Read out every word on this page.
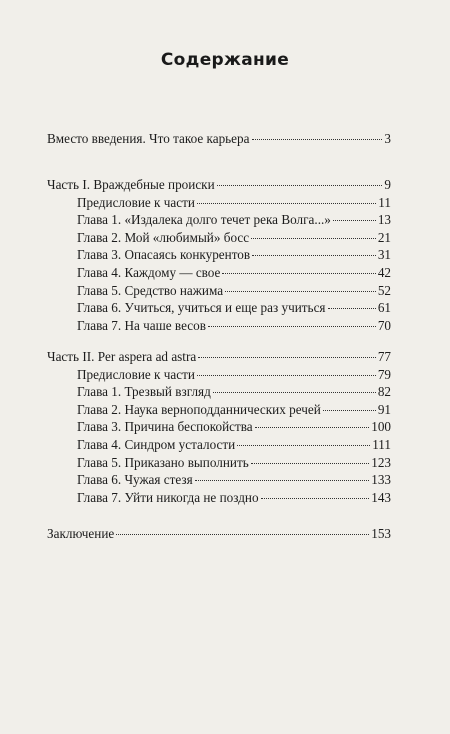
Содержание
Вместо введения. Что такое карьера	3
Часть I. Враждебные происки	9
Предисловие к части	11
Глава 1. «Издалека долго течет река Волга...»	13
Глава 2. Мой «любимый» босс	21
Глава 3. Опасаясь конкурентов	31
Глава 4. Каждому — свое	42
Глава 5. Средство нажима	52
Глава 6. Учиться, учиться и еще раз учиться	61
Глава 7. На чаше весов	70
Часть II. Per aspera ad astra	77
Предисловие к части	79
Глава 1. Трезвый взгляд	82
Глава 2. Наука верноподданнических речей	91
Глава 3. Причина беспокойства	100
Глава 4. Синдром усталости	111
Глава 5. Приказано выполнить	123
Глава 6. Чужая стезя	133
Глава 7. Уйти никогда не поздно	143
Заключение	153
